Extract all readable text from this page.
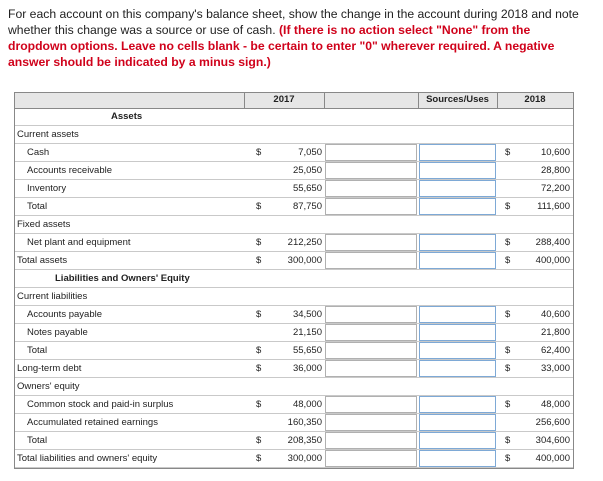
For each account on this company's balance sheet, show the change in the account during 2018 and note whether this change was a source or use of cash. (If there is no action select "None" from the dropdown options. Leave no cells blank - be certain to enter "0" wherever required. A negative answer should be indicated by a minus sign.)
2017	Sources/Uses	2018
Assets
Current assets
Cash	$	7,050	$	10,600
Accounts receivable	25,050	28,800
Inventory	55,650	72,200
Total	$	87,750	$	111,600
Fixed assets
Net plant and equipment	$	212,250	$	288,400
Total assets	$	300,000	$	400,000
Liabilities and Owners' Equity
Current liabilities
Accounts payable	$	34,500	$	40,600
Notes payable	21,150	21,800
Total	$	55,650	$	62,400
Long-term debt	$	36,000	$	33,000
Owners' equity
Common stock and paid-in surplus	$	48,000	$	48,000
Accumulated retained earnings	160,350	256,600
Total	$	208,350	$	304,600
Total liabilities and owners' equity	$	300,000	$	400,000
